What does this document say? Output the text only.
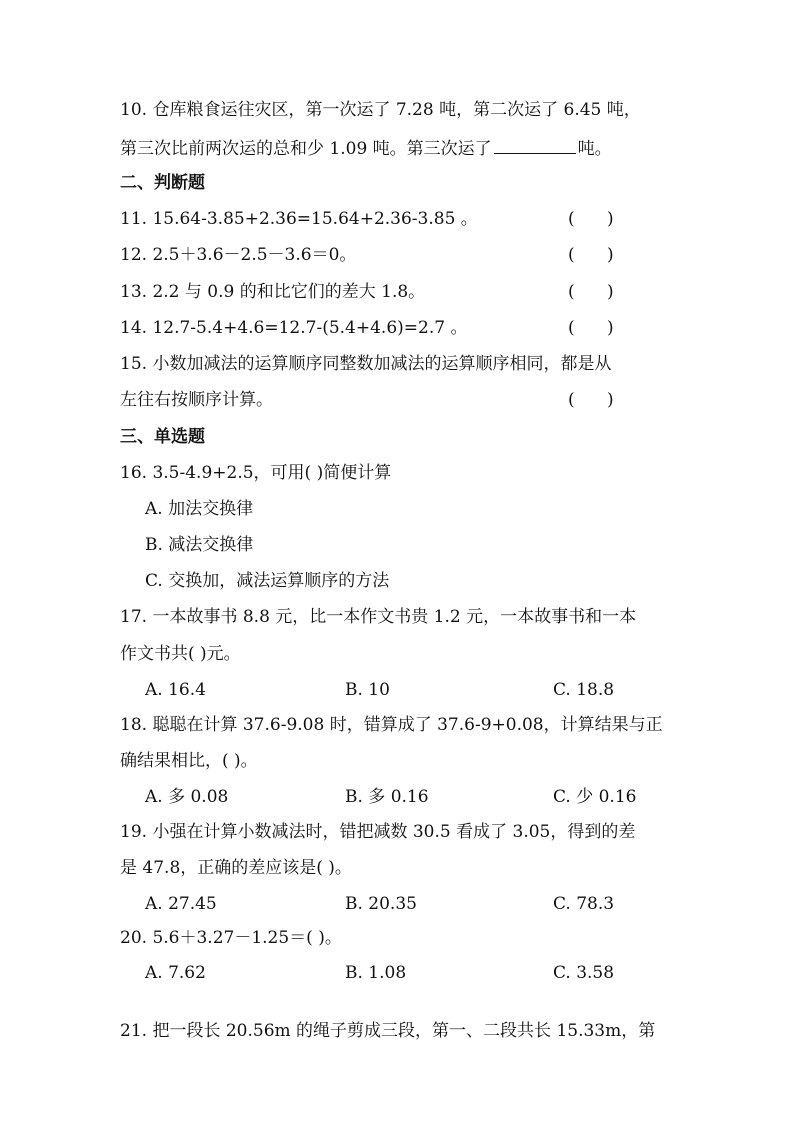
10. 仓库粮食运往灾区，第一次运了 7.28 吨，第二次运了 6.45 吨，
第三次比前两次运的总和少 1.09 吨。第三次运了	吨。
二、判断题
11. 15.64-3.85+2.36=15.64+2.36-3.85 。	(      )
12. 2.5＋3.6－2.5－3.6＝0。	(      )
13. 2.2 与 0.9 的和比它们的差大 1.8。	(      )
14. 12.7-5.4+4.6=12.7-(5.4+4.6)=2.7 。	(      )
15. 小数加减法的运算顺序同整数加减法的运算顺序相同，都是从
左往右按顺序计算。	(      )
三、单选题
16. 3.5-4.9+2.5，可用( )简便计算
A. 加法交换律
B. 减法交换律
C. 交换加，减法运算顺序的方法
17. 一本故事书 8.8 元，比一本作文书贵 1.2 元，一本故事书和一本
作文书共( )元。
A. 16.4	B. 10	C. 18.8
18. 聪聪在计算 37.6-9.08 时，错算成了 37.6-9+0.08，计算结果与正
确结果相比，( )。
A. 多 0.08	B. 多 0.16	C. 少 0.16
19. 小强在计算小数减法时，错把减数 30.5 看成了 3.05，得到的差
是 47.8，正确的差应该是( )。
A. 27.45	B. 20.35	C. 78.3
20. 5.6＋3.27－1.25＝( )。
A. 7.62	B. 1.08	C. 3.58
21. 把一段长 20.56m 的绳子剪成三段，第一、二段共长 15.33m，第
